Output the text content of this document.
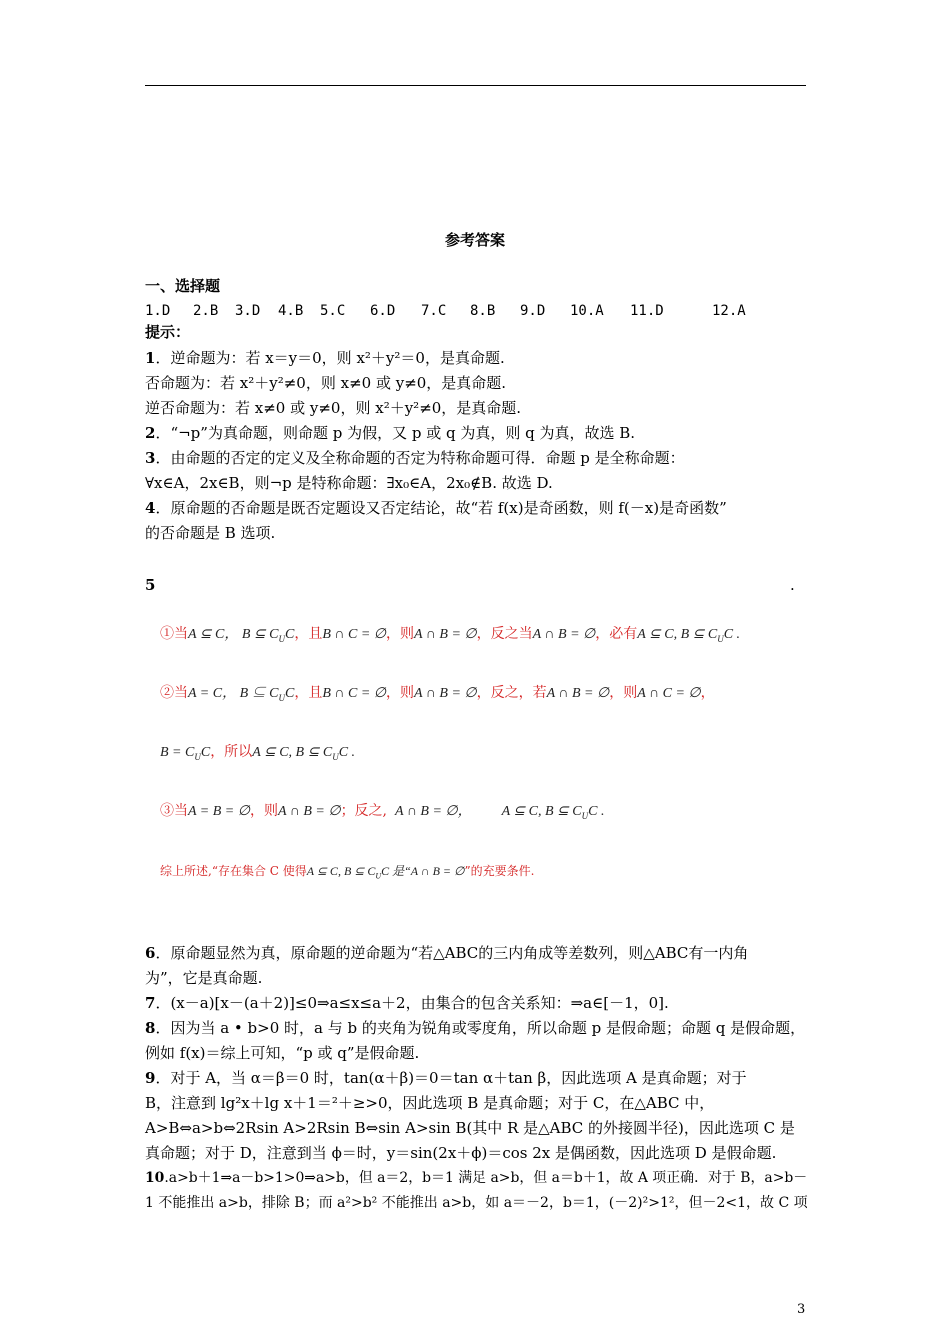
参考答案
一、选择题
1.D 2.B 3.D 4.B 5.C 6.D 7.C 8.B 9.D 10.A 11.D	12.A
提示：
1．逆命题为：若 x＝y＝0，则 x²＋y²＝0，是真命题.
否命题为：若 x²＋y²≠0，则 x≠0 或 y≠0，是真命题.
逆否命题为：若 x≠0 或 y≠0，则 x²＋y²≠0，是真命题.
2．“¬p”为真命题，则命题 p 为假，又 p 或 q 为真，则 q 为真，故选 B.
3．由命题的否定的定义及全称命题的否定为特称命题可得．命题 p 是全称命题：
∀x∈A，2x∈B，则¬p 是特称命题：∃x₀∈A，2x₀∉B. 故选 D.
4．原命题的否命题是既否定题设又否定结论，故“若 f(x)是奇函数，则 f(－x)是奇函数”
的否命题是 B 选项.
5	.
①当A ⊆ C， B ⊆ $C_UC$，且B ∩ C = ∅，则A ∩ B = ∅，反之当A ∩ B = ∅，必有A ⊆ C, B ⊆ $C_UC$ .
②当A = C， B ⊆ $C_UC$，且B ∩ C = ∅，则A ∩ B = ∅，反之，若A ∩ B = ∅，则A ∩ C = ∅，
$B = C_UC$，所以A ⊆ C, B ⊆ $C_UC$ .
③当A = B = ∅，则A ∩ B = ∅；反之, A ∩ B = ∅， A ⊆ C, B ⊆ $C_UC$ .
综上所述,“存在集合 C 使得A ⊆ C, B ⊆ $C_UC$ 是“A ∩ B = ∅”的充要条件.
6．原命题显然为真，原命题的逆命题为“若△ABC的三内角成等差数列，则△ABC有一内角
为”，它是真命题.
7．(x－a)[x－(a＋2)]≤0⇒a≤x≤a＋2，由集合的包含关系知：⇒a∈[－1，0].
8．因为当 a • b>0 时，a 与 b 的夹角为锐角或零度角，所以命题 p 是假命题；命题 q 是假命题，
例如 f(x)＝综上可知，“p 或 q”是假命题.
9．对于 A，当 α＝β＝0 时，tan(α＋β)＝0＝tan α＋tan β，因此选项 A 是真命题；对于
B，注意到 lg²x＋lg x＋1＝²＋≥>0，因此选项 B 是真命题；对于 C，在△ABC 中，
A>B⇔a>b⇔2Rsin A>2Rsin B⇔sin A>sin B(其中 R 是△ABC 的外接圆半径)，因此选项 C 是
真命题；对于 D，注意到当 ϕ＝时，y＝sin(2x＋ϕ)＝cos 2x 是偶函数，因此选项 D 是假命题.
10.a>b＋1⇒a－b>1>0⇒a>b，但 a＝2，b＝1 满足 a>b，但 a＝b＋1，故 A 项正确．对于 B，a>b－
1 不能推出 a>b，排除 B；而 a²>b² 不能推出 a>b，如 a＝－2，b＝1，(－2)²>1²，但－2<1，故 C 项
3
